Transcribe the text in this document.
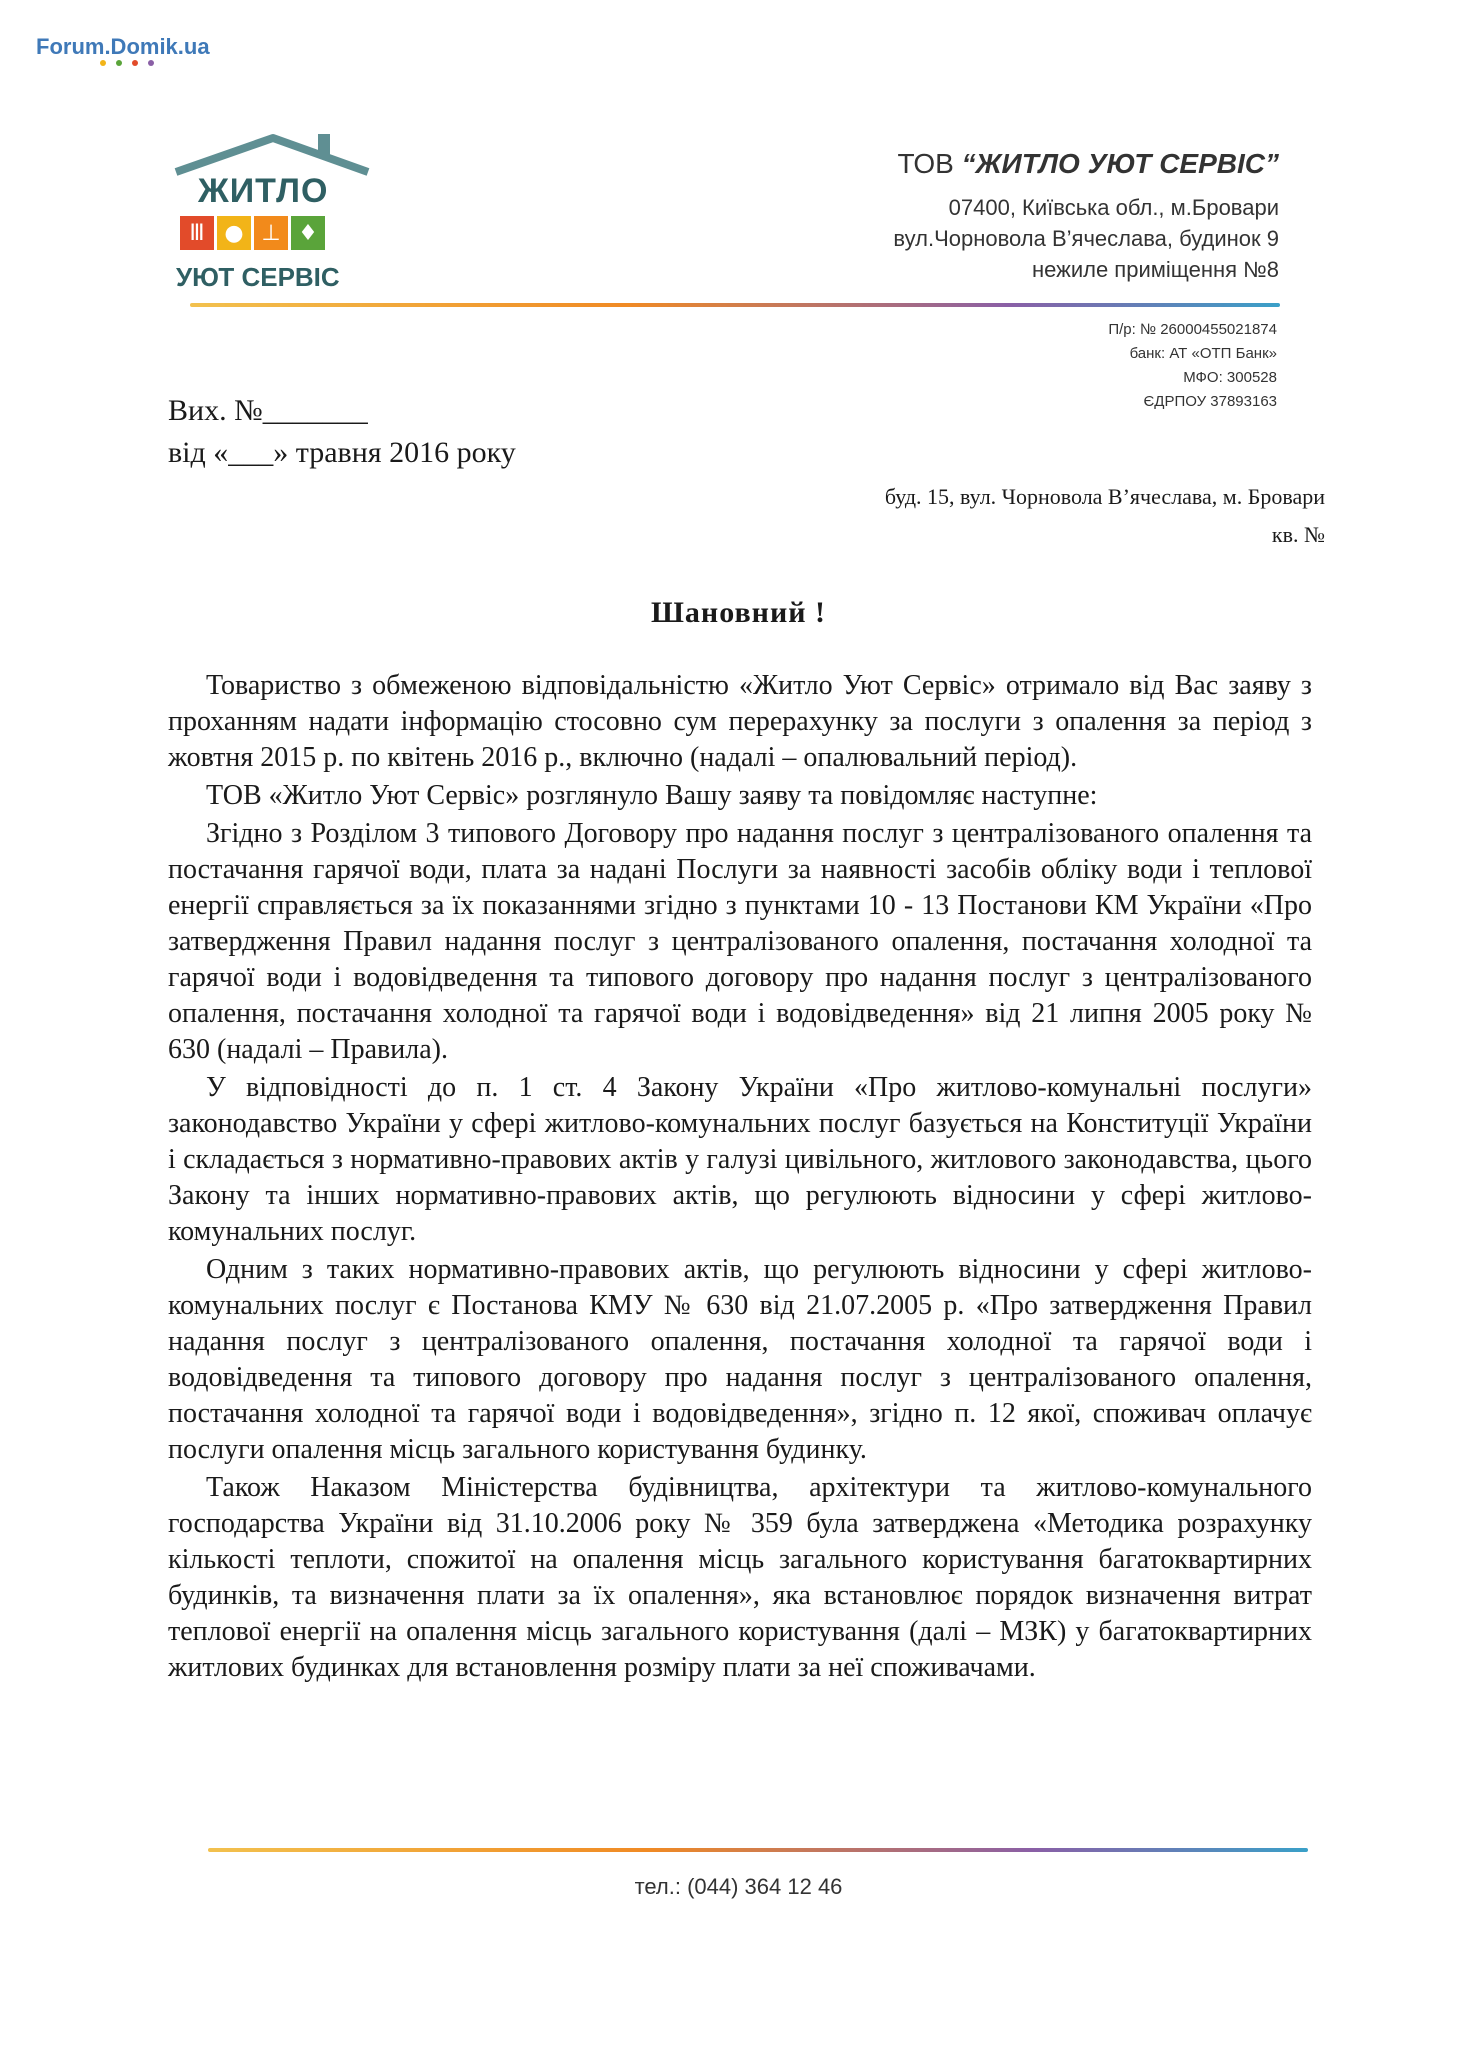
Forum.Domik.ua
ЖИТЛО
Ⅲ ● ⊥ ♦
УЮТ СЕРВІС
ТОВ “ЖИТЛО УЮТ СЕРВІС”
07400, Київська обл., м.Бровари
вул.Чорновола В’ячеслава, будинок 9
нежиле приміщення №8
П/р: № 26000455021874
банк: АТ «ОТП Банк»
МФО: 300528
ЄДРПОУ 37893163
Вих. №_______
від «___» травня 2016 року
буд. 15, вул. Чорновола В’ячеслава, м. Бровари
кв. №
Шановний !

Товариство з обмеженою відповідальністю «Житло Уют Сервіс» отримало від Вас заяву з проханням надати інформацію стосовно сум перерахунку за послуги з опалення за період з жовтня 2015 р. по квітень 2016 р., включно (надалі – опалювальний період).

ТОВ «Житло Уют Сервіс» розглянуло Вашу заяву та повідомляє наступне:

Згідно з Розділом 3 типового Договору про надання послуг з централізованого опалення та постачання гарячої води, плата за надані Послуги за наявності засобів обліку води і теплової енергії справляється за їх показаннями згідно з пунктами 10 - 13 Постанови КМ України «Про затвердження Правил надання послуг з централізованого опалення, постачання холодної та гарячої води і водовідведення та типового договору про надання послуг з централізованого опалення, постачання холодної та гарячої води і водовідведення» від 21 липня 2005 року № 630 (надалі – Правила).

У відповідності до п. 1 ст. 4 Закону України «Про житлово-комунальні послуги» законодавство України у сфері житлово-комунальних послуг базується на Конституції України і складається з нормативно-правових актів у галузі цивільного, житлового законодавства, цього Закону та інших нормативно-правових актів, що регулюють відносини у сфері житлово-комунальних послуг.

Одним з таких нормативно-правових актів, що регулюють відносини у сфері житлово-комунальних послуг є Постанова КМУ № 630 від 21.07.2005 р. «Про затвердження Правил надання послуг з централізованого опалення, постачання холодної та гарячої води і водовідведення та типового договору про надання послуг з централізованого опалення, постачання холодної та гарячої води і водовідведення», згідно п. 12 якої, споживач оплачує послуги опалення місць загального користування будинку.

Також Наказом Міністерства будівництва, архітектури та житлово-комунального господарства України від 31.10.2006 року № 359 була затверджена «Методика розрахунку кількості теплоти, спожитої на опалення місць загального користування багатоквартирних будинків, та визначення плати за їх опалення», яка встановлює порядок визначення витрат теплової енергії на опалення місць загального користування (далі – МЗК) у багатоквартирних житлових будинках для встановлення розміру плати за неї споживачами.

тел.: (044) 364 12 46
